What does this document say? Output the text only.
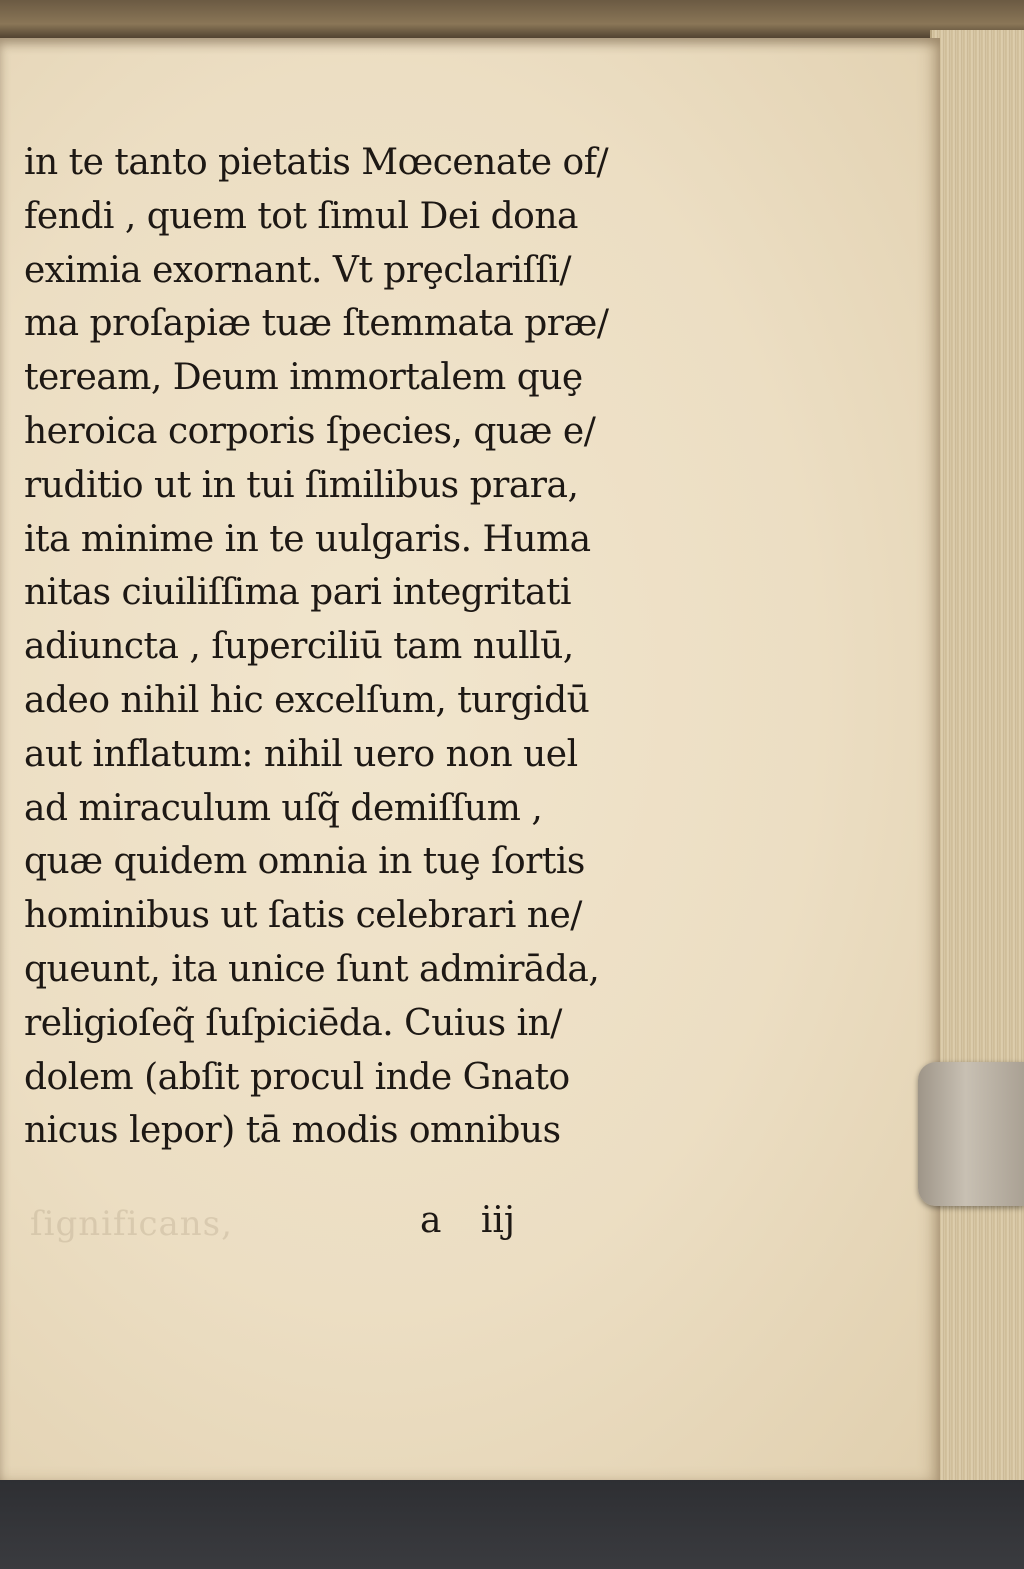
in te tanto pietatis Mœcenate of/
fendi , quem tot ſimul Dei dona
eximia exornant. Vt prȩclariſſi/
ma proſapiæ tuæ ſtemmata præ/
teream, Deum immortalem quȩ
heroica corporis ſpecies, quæ e/
ruditio ut in tui ſimilibus prara,
ita minime in te uulgaris. Huma
nitas ciuiliſſima pari integritati
adiuncta , ſuperciliū tam nullū,
adeo nihil hic excelſum, turgidū
aut inflatum: nihil uero non uel
ad miraculum uſq̃ demiſſum ,
quæ quidem omnia in tuȩ ſortis
hominibus ut ſatis celebrari ne/
queunt, ita unice ſunt admirāda,
religioſeq̃ ſuſpiciēda. Cuius in/
dolem (abſit procul inde Gnato
nicus lepor) tā modis omnibus
ſignificans,	a iij
